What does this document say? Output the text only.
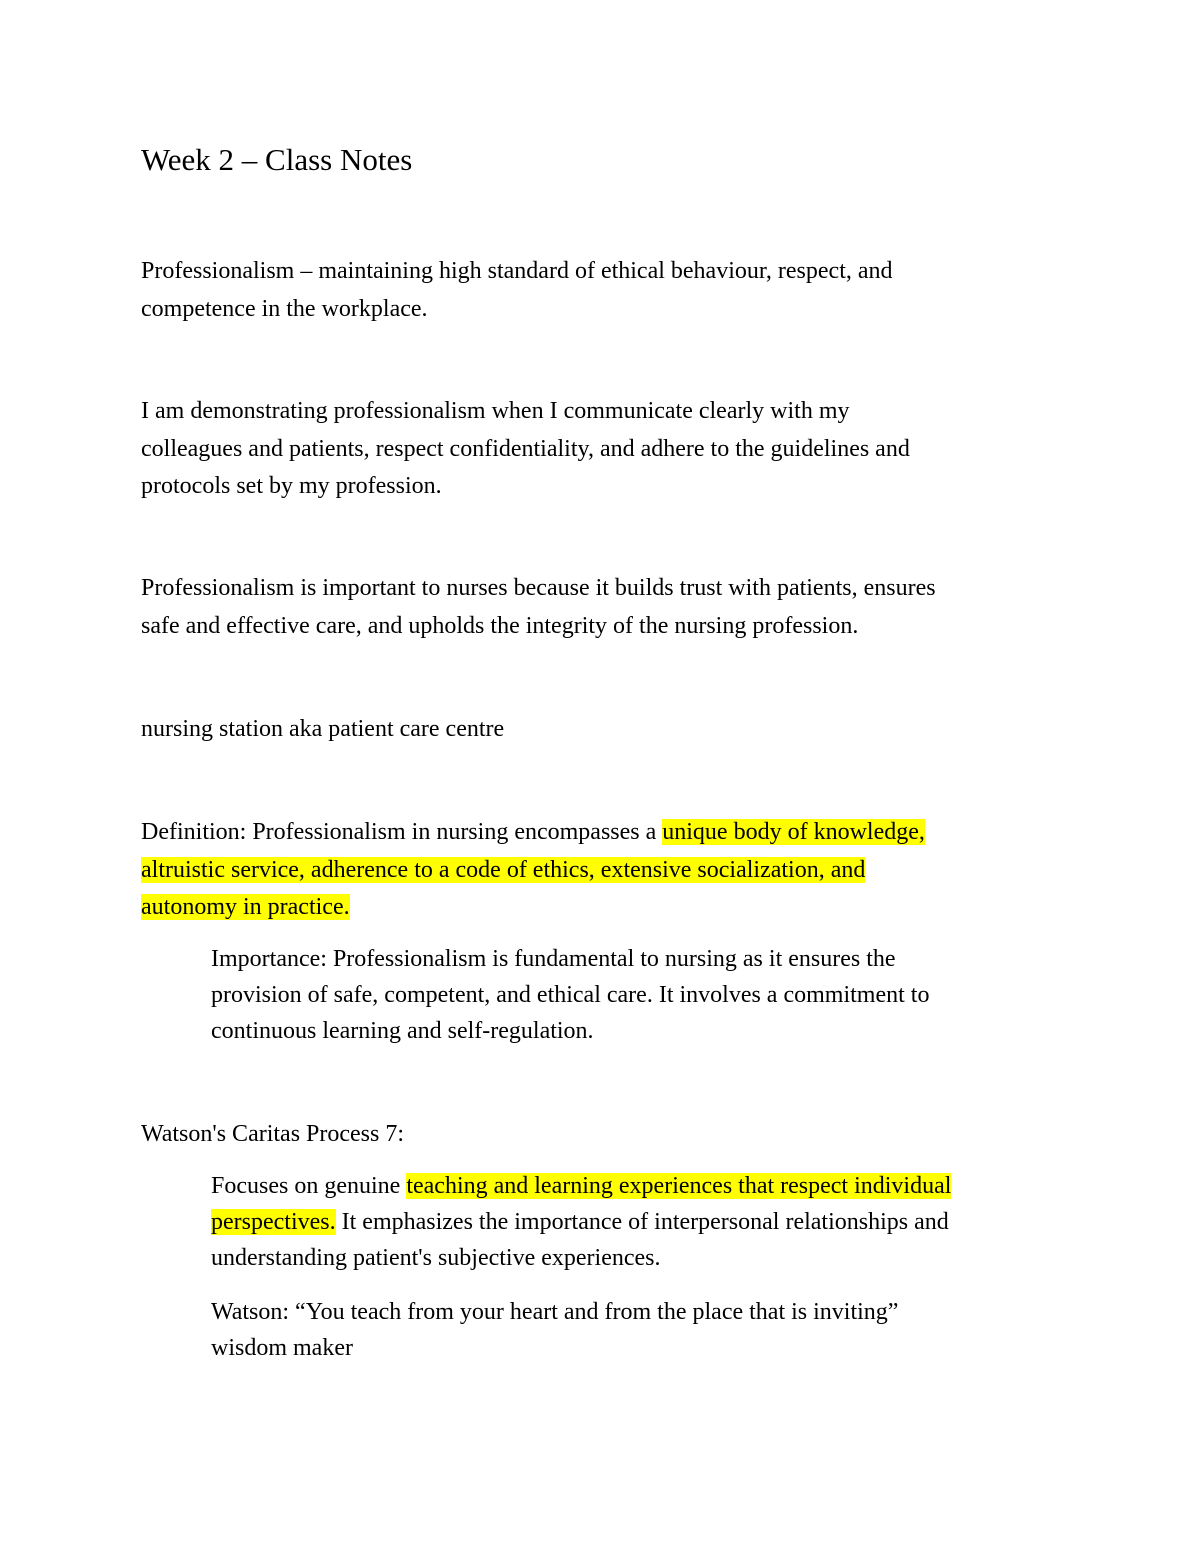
Week 2 – Class Notes

Professionalism – maintaining high standard of ethical behaviour, respect, and
competence in the workplace.

I am demonstrating professionalism when I communicate clearly with my
colleagues and patients, respect confidentiality, and adhere to the guidelines and
protocols set by my profession.

Professionalism is important to nurses because it builds trust with patients, ensures
safe and effective care, and upholds the integrity of the nursing profession.

nursing station aka patient care centre

Definition: Professionalism in nursing encompasses a unique body of knowledge,
altruistic service, adherence to a code of ethics, extensive socialization, and
autonomy in practice.

Importance: Professionalism is fundamental to nursing as it ensures the
provision of safe, competent, and ethical care. It involves a commitment to
continuous learning and self-regulation.

Watson's Caritas Process 7:

Focuses on genuine teaching and learning experiences that respect individual
perspectives. It emphasizes the importance of interpersonal relationships and
understanding patient's subjective experiences.

Watson: “You teach from your heart and from the place that is inviting”
wisdom maker
